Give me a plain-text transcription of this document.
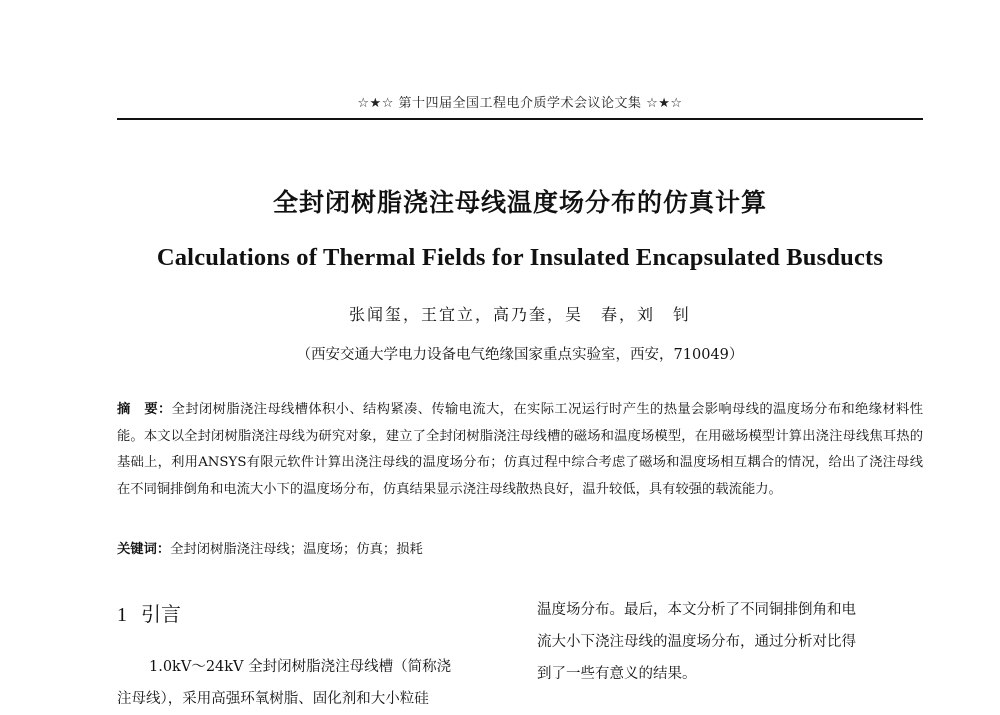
☆★☆ 第十四届全国工程电介质学术会议论文集 ☆★☆
全封闭树脂浇注母线温度场分布的仿真计算
Calculations of Thermal Fields for Insulated Encapsulated Busducts
张闻玺，王宜立，高乃奎，吴　春，刘　钊
（西安交通大学电力设备电气绝缘国家重点实验室，西安，710049）
摘　要：全封闭树脂浇注母线槽体积小、结构紧凑、传输电流大，在实际工况运行时产生的热量会影响母线的温度场分布和绝缘材料性能。本文以全封闭树脂浇注母线为研究对象，建立了全封闭树脂浇注母线槽的磁场和温度场模型，在用磁场模型计算出浇注母线焦耳热的基础上，利用ANSYS有限元软件计算出浇注母线的温度场分布；仿真过程中综合考虑了磁场和温度场相互耦合的情况，给出了浇注母线在不同铜排倒角和电流大小下的温度场分布，仿真结果显示浇注母线散热良好，温升较低，具有较强的载流能力。
关键词：全封闭树脂浇注母线；温度场；仿真；损耗
1 引言
1.0kV～24kV 全封闭树脂浇注母线槽（简称浇
注母线），采用高强环氧树脂、固化剂和大小粒硅
温度场分布。最后，本文分析了不同铜排倒角和电
流大小下浇注母线的温度场分布，通过分析对比得
到了一些有意义的结果。
